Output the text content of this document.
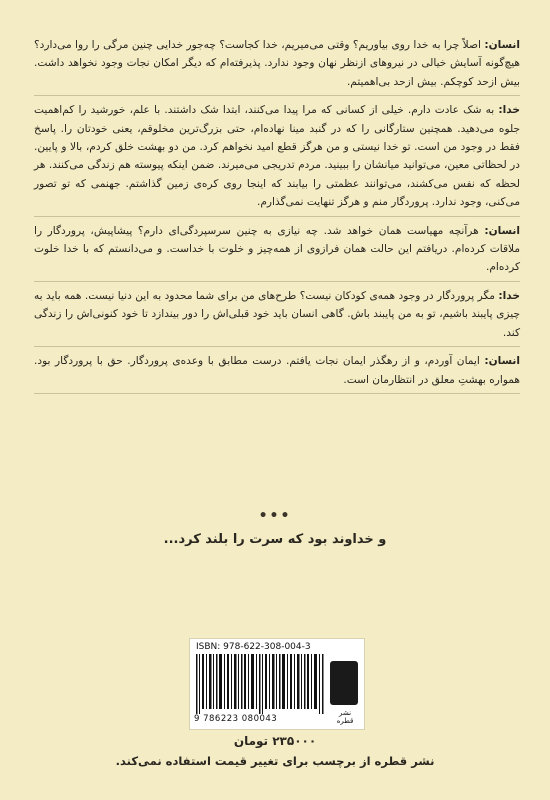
انسان: اصلاً چرا به خدا روی بیاوریم؟ وقتی می‌میریم، خدا کجاست؟ چه‌جور خدایی چنین مرگی را روا می‌دارد؟ هیچ‌گونه آسایش خیالی در نیروهای ازنظر نهان وجود ندارد. پذیرفته‌ام که دیگر امکان نجات وجود نخواهد داشت. بیش ازحد کوچکم. بیش ازحد بی‌اهمیتم.

خدا: به شک عادت دارم. خیلی از کسانی که مرا پیدا می‌کنند، ابتدا شک داشتند. با علم، خورشید را کم‌اهمیت جلوه می‌دهید. همچنین ستارگانی را که در گنبد مینا نهاده‌ام، حتی بزرگ‌ترین مخلوقم، یعنی خودتان را. پاسخ فقط در وجود من است. تو خدا نیستی و من هرگز قطع امید نخواهم کرد. من دو بهشت خلق کردم، بالا و پایین. در لحظاتی معین، می‌توانید میانشان را ببینید. مردم تدریجی می‌میرند. ضمن اینکه پیوسته هم زندگی می‌کنند. هر لحظه که نفس می‌کشند، می‌توانند عظمتی را بیابند که اینجا روی کره‌ی زمین گذاشتم. جهنمی که تو تصور می‌کنی، وجود ندارد. پروردگار منم و هرگز تنهایت نمی‌گذارم.

انسان: هرآنچه مهیاست همان خواهد شد. چه نیازی به چنین سرسپردگی‌ای دارم؟ پیشاپیش، پروردگار را ملاقات کرده‌ام. دریافتم این حالت همان فرازوی از همه‌چیز و خلوت با خداست. و می‌دانستم که با خدا خلوت کرده‌ام.

خدا: مگر پروردگار در وجود همه‌ی کودکان نیست؟ طرح‌های من برای شما محدود به این دنیا نیست. همه باید به چیزی پایبند باشیم، تو به من پایبند باش. گاهی انسان باید خود قبلی‌اش را دور بیندازد تا خود کنونی‌اش را زندگی کند.

انسان: ایمان آوردم، و از رهگذر ایمان نجات یافتم. درست مطابق با وعده‌ی پروردگار. حق با پروردگار بود. همواره بهشتِ معلق در انتظارمان است.

•••
و خداوند بود که سرت را بلند کرد...
ISBN: 978-622-308-004-3
9 786223 080043
نشر قطره
۲۳۵۰۰۰ تومان
نشر قطره از برچسب برای تغییر قیمت استفاده نمی‌کند.
